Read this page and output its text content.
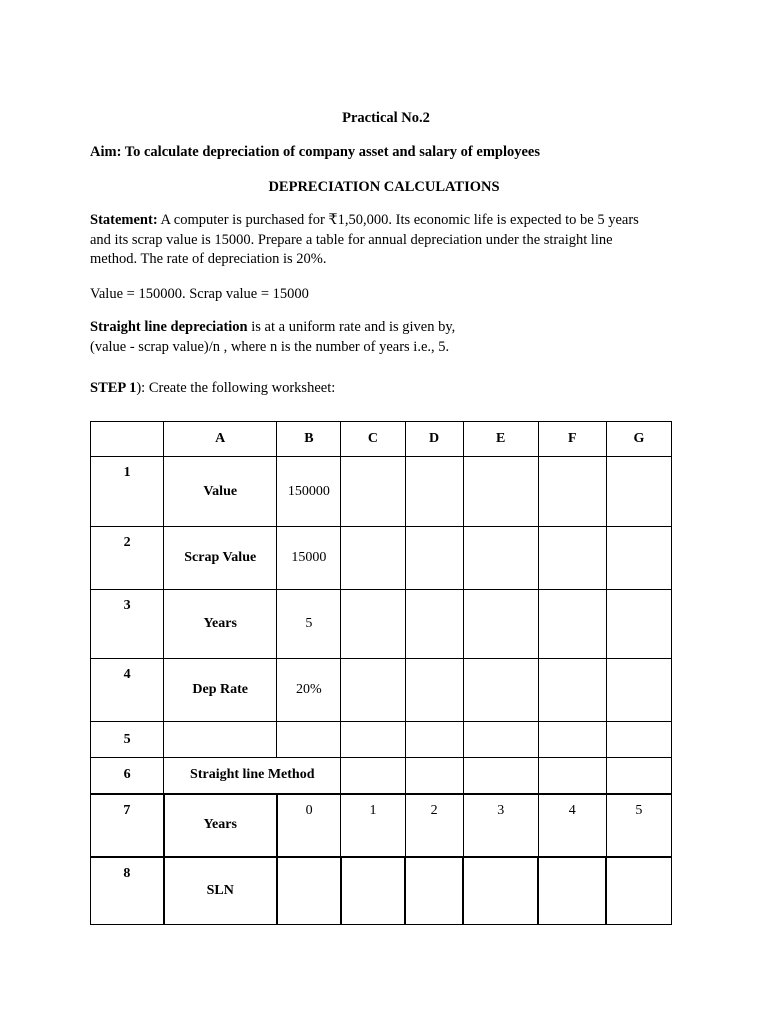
Practical No.2
Aim: To calculate depreciation of company asset and salary of employees
DEPRECIATION CALCULATIONS
Statement: A computer is purchased for ₹1,50,000. Its economic life is expected to be 5 years and its scrap value is 15000. Prepare a table for annual depreciation under the straight line method. The rate of depreciation is 20%.
Value = 150000. Scrap value = 15000
Straight line depreciation is at a uniform rate and is given by,
(value - scrap value)/n , where n is the number of years i.e., 5.
STEP 1): Create the following worksheet:
	A	B	C	D	E	F	G
1	Value	150000					
2	Scrap Value	15000					
3	Years	5					
4	Dep Rate	20%					
5							
6	Straight line Method						
7	Years	0	1	2	3	4	5
8	SLN						
